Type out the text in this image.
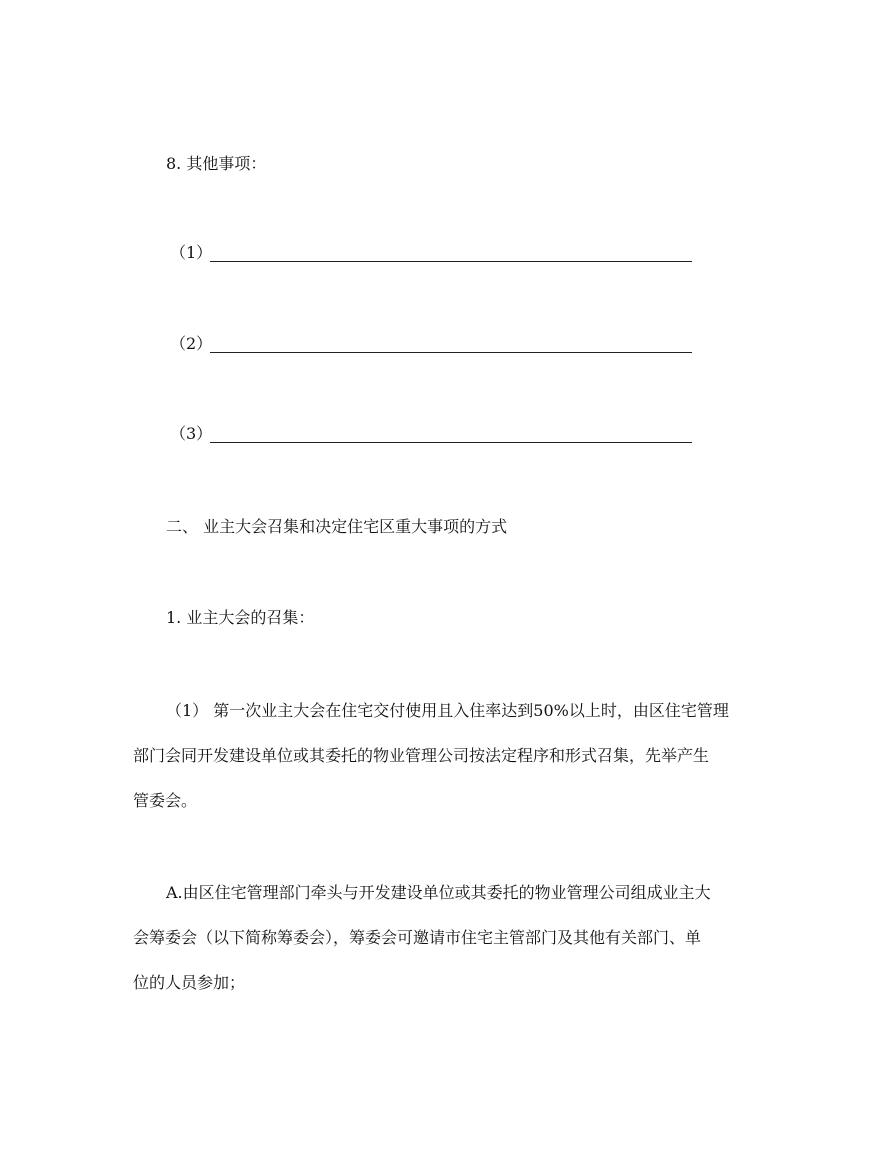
8. 其他事项：
（1）
（2）
（3）
二、 业主大会召集和决定住宅区重大事项的方式
1. 业主大会的召集：
（1） 第一次业主大会在住宅交付使用且入住率达到50%以上时，由区住宅管理
部门会同开发建设单位或其委托的物业管理公司按法定程序和形式召集，先举产生
管委会。
A.由区住宅管理部门牵头与开发建设单位或其委托的物业管理公司组成业主大
会筹委会（以下简称筹委会），筹委会可邀请市住宅主管部门及其他有关部门、单
位的人员参加；
